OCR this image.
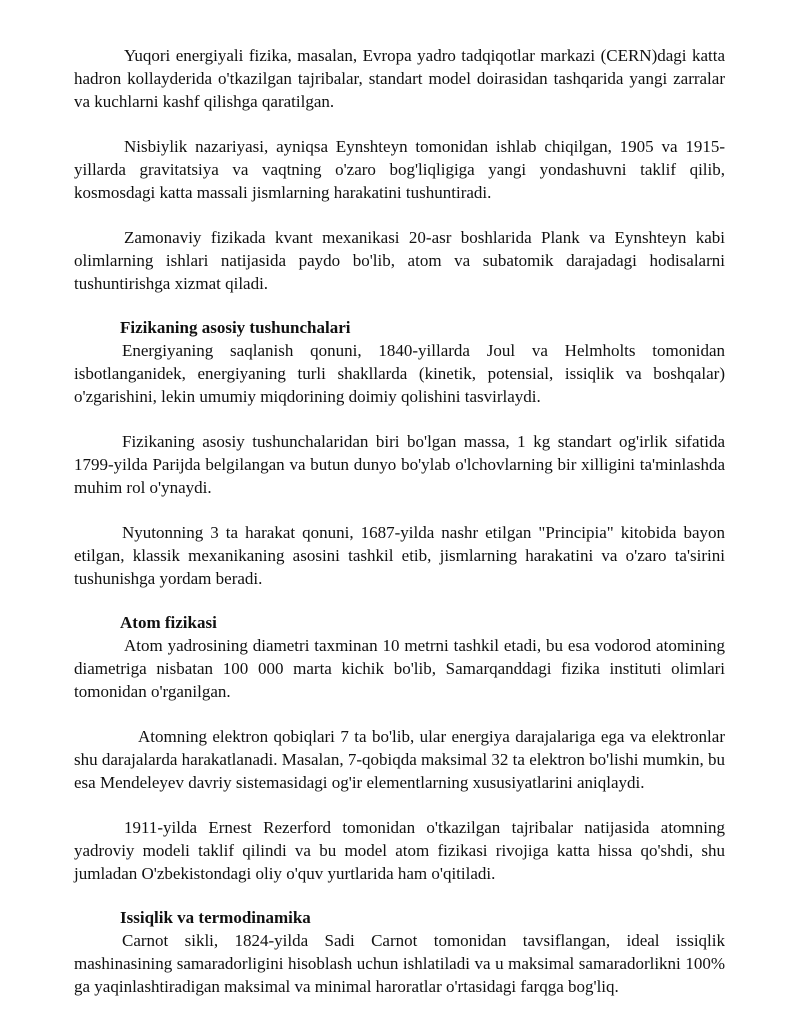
Yuqori energiyali fizika, masalan, Evropa yadro tadqiqotlar markazi (CERN)dagi katta hadron kollayderida o'tkazilgan tajribalar, standart model doirasidan tashqarida yangi zarralar va kuchlarni kashf qilishga qaratilgan.

Nisbiylik nazariyasi, ayniqsa Eynshteyn tomonidan ishlab chiqilgan, 1905 va 1915-yillarda gravitatsiya va vaqtning o'zaro bog'liqligiga yangi yondashuvni taklif qilib, kosmosdagi katta massali jismlarning harakatini tushuntiradi.

Zamonaviy fizikada kvant mexanikasi 20-asr boshlarida Plank va Eynshteyn kabi olimlarning ishlari natijasida paydo bo'lib, atom va subatomik darajadagi hodisalarni tushuntirishga xizmat qiladi.

Fizikaning asosiy tushunchalari

Energiyaning saqlanish qonuni, 1840-yillarda Joul va Helmholts tomonidan isbotlanganidek, energiyaning turli shakllarda (kinetik, potensial, issiqlik va boshqalar) o'zgarishini, lekin umumiy miqdorining doimiy qolishini tasvirlaydi.

Fizikaning asosiy tushunchalaridan biri bo'lgan massa, 1 kg standart og'irlik sifatida 1799-yilda Parijda belgilangan va butun dunyo bo'ylab o'lchovlarning bir xilligini ta'minlashda muhim rol o'ynaydi.

Nyutonning 3 ta harakat qonuni, 1687-yilda nashr etilgan "Principia" kitobida bayon etilgan, klassik mexanikaning asosini tashkil etib, jismlarning harakatini va o'zaro ta'sirini tushunishga yordam beradi.

Atom fizikasi

Atom yadrosining diametri taxminan 10 metrni tashkil etadi, bu esa vodorod atomining diametriga nisbatan 100 000 marta kichik bo'lib, Samarqanddagi fizika instituti olimlari tomonidan o'rganilgan.

Atomning elektron qobiqlari 7 ta bo'lib, ular energiya darajalariga ega va elektronlar shu darajalarda harakatlanadi. Masalan, 7-qobiqda maksimal 32 ta elektron bo'lishi mumkin, bu esa Mendeleyev davriy sistemasidagi og'ir elementlarning xususiyatlarini aniqlaydi.

1911-yilda Ernest Rezerford tomonidan o'tkazilgan tajribalar natijasida atomning yadroviy modeli taklif qilindi va bu model atom fizikasi rivojiga katta hissa qo'shdi, shu jumladan O'zbekistondagi oliy o'quv yurtlarida ham o'qitiladi.

Issiqlik va termodinamika

Carnot sikli, 1824-yilda Sadi Carnot tomonidan tavsiflangan, ideal issiqlik mashinasining samaradorligini hisoblash uchun ishlatiladi va u maksimal samaradorlikni 100% ga yaqinlashtiradigan maksimal va minimal haroratlar o'rtasidagi farqga bog'liq.
